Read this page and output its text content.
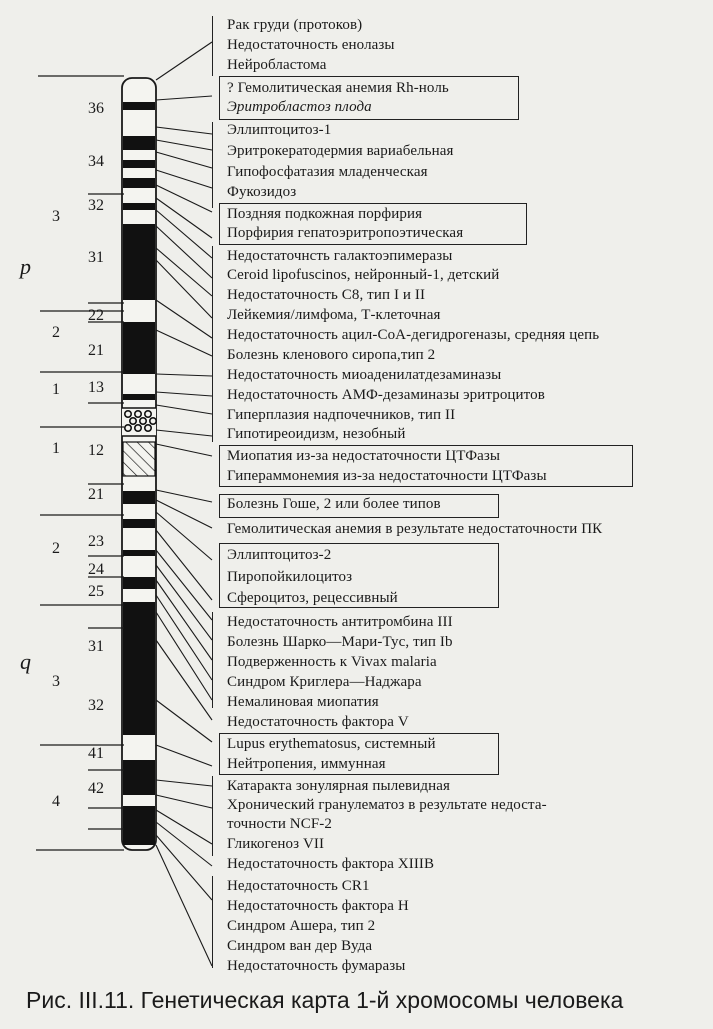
p
q
3
2
1
1
2
3
4
36
34
32
31
22
21
13
12
21
23
24
25
31
32
41
42
Рак груди (протоков)
Недостаточность енолазы
Нейробластома
? Гемолитическая анемия Rh-ноль
Эритробластоз плода
Эллиптоцитоз-1
Эритрокератодермия вариабельная
Гипофосфатазия младенческая
Фукозидоз
Поздняя подкожная порфирия
Порфирия гепатоэритропоэтическая
Недостаточнсть галактоэпимеразы
Ceroid lipofuscinos, нейронный-1, детский
Недостаточность С8, тип I и II
Лейкемия/лимфома, Т-клеточная
Недостаточность ацил-СоА-дегидрогеназы, средняя цепь
Болезнь кленового сиропа,тип 2
Недостаточность миоаденилатдезаминазы
Недостаточность АМФ-дезаминазы эритроцитов
Гиперплазия надпочечников, тип II
Гипотиреоидизм, незобный
Миопатия из-за недостаточности ЦТФазы
Гипераммонемия из-за недостаточности ЦТФазы
Болезнь Гоше, 2 или более типов
Гемолитическая анемия в результате недостаточности ПК
Эллиптоцитоз-2
Пиропойкилоцитоз
Сфероцитоз, рецессивный
Недостаточность антитромбина III
Болезнь Шарко—Мари-Тус, тип Ib
Подверженность к Vivax malaria
Синдром Криглера—Наджара
Немалиновая миопатия
Недостаточность фактора V
Lupus erythematosus, системный
Нейтропения, иммунная
Катаракта зонулярная пылевидная
Хронический гранулематоз в результате недоста-
точности NCF-2
Гликогеноз VII
Недостаточность фактора XIIIB
Недостаточность CR1
Недостаточность фактора Н
Синдром Ашера, тип 2
Синдром ван дер Вуда
Недостаточность фумаразы
Рис. III.11. Генетическая карта 1-й хромосомы человека
